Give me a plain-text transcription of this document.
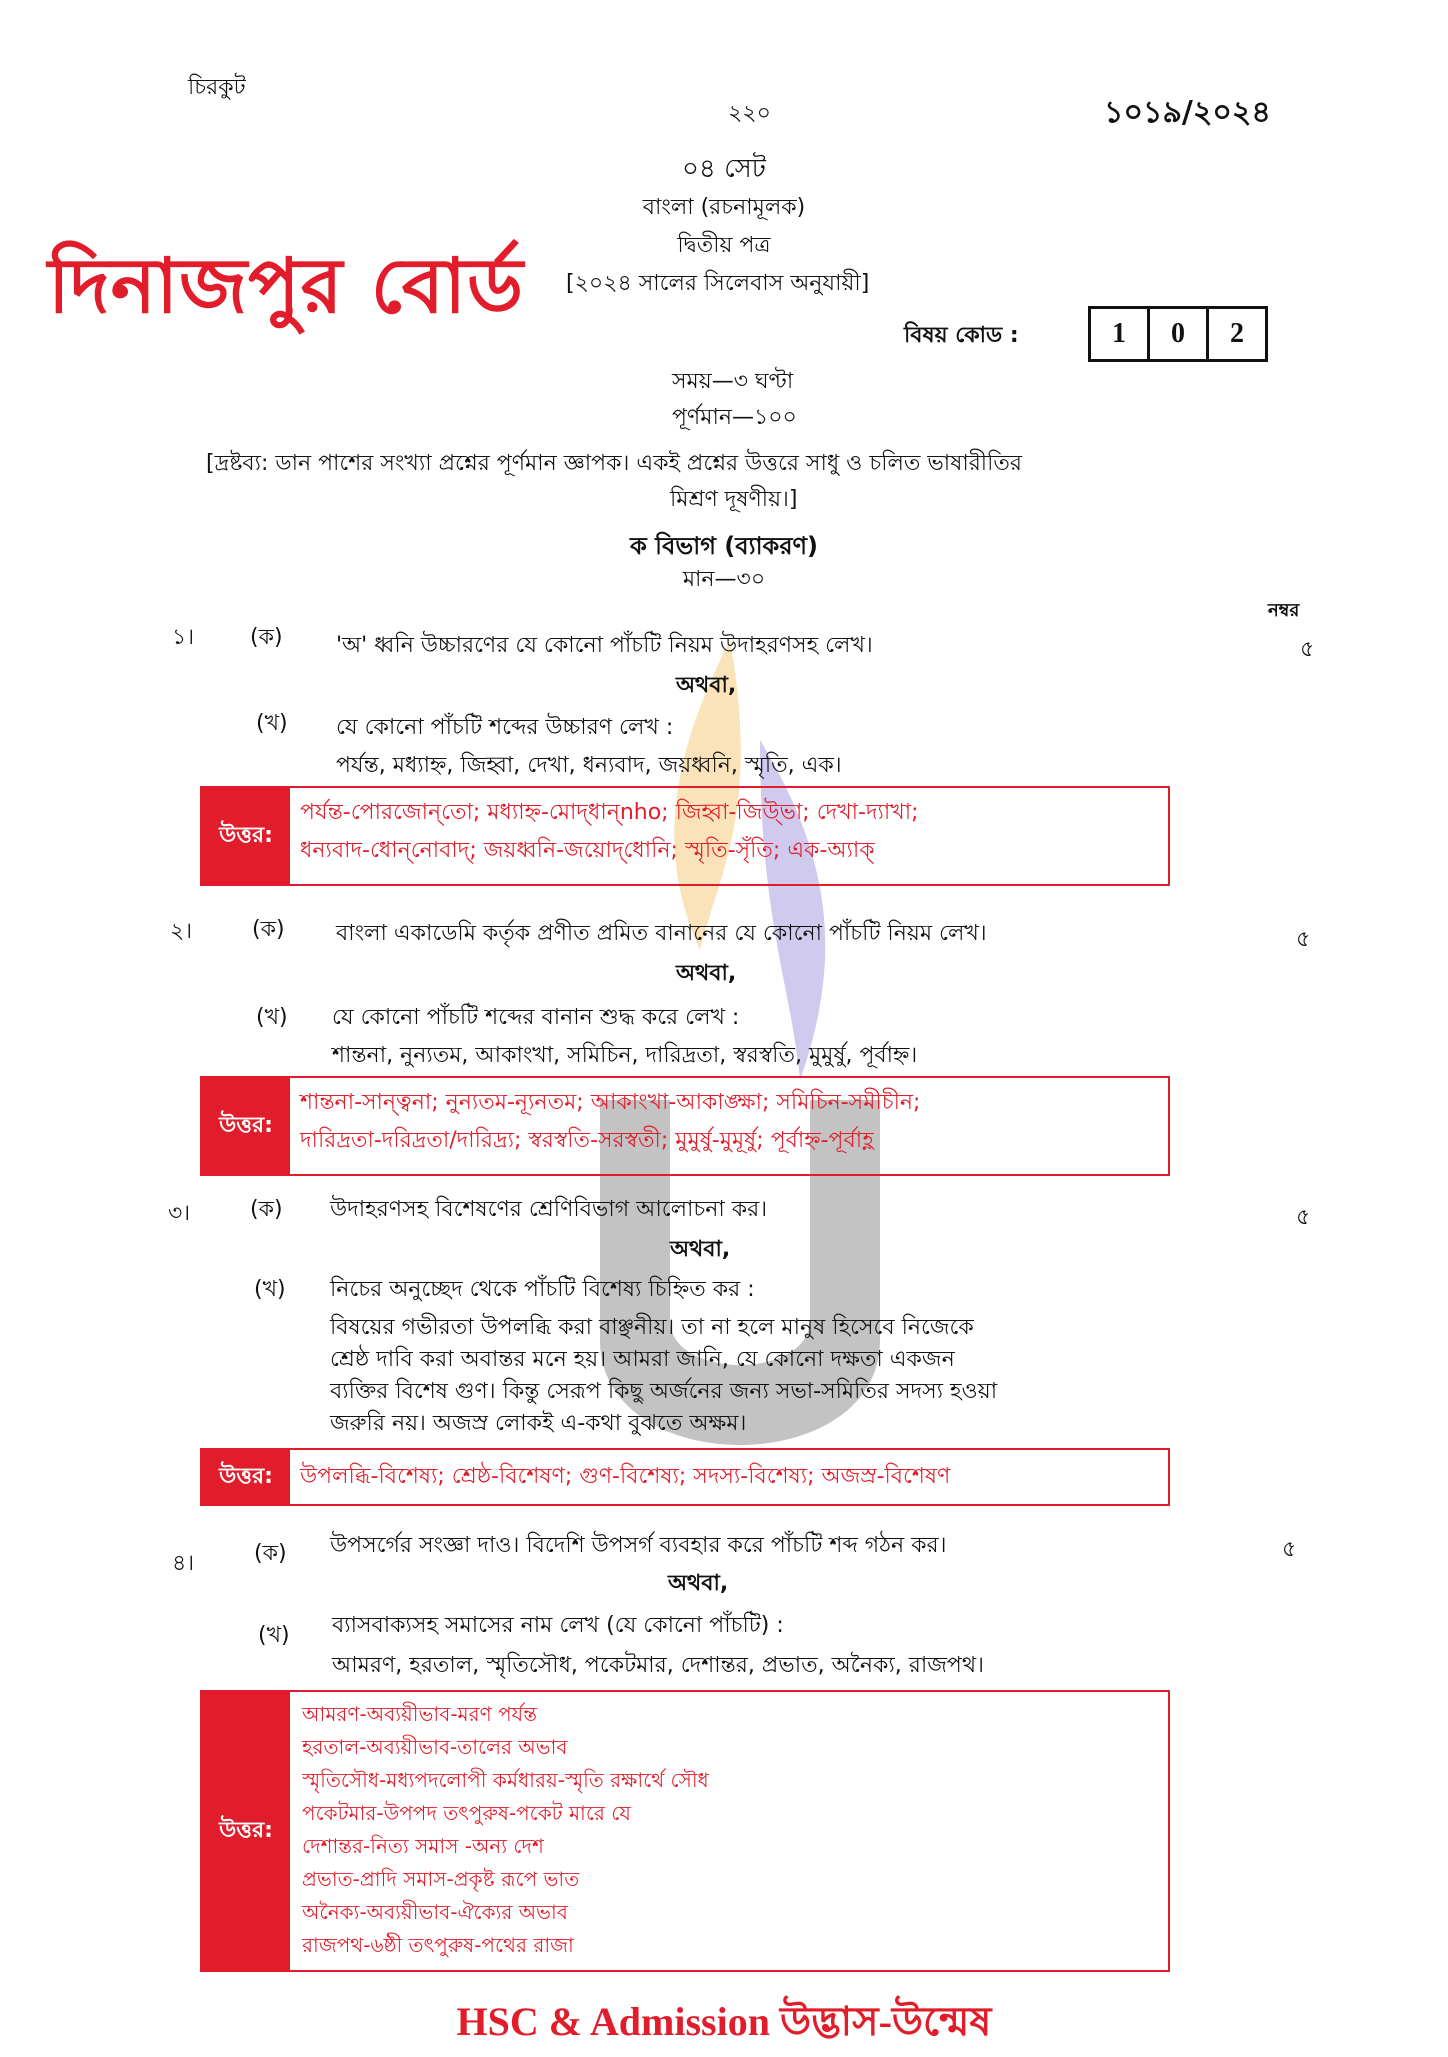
চিরকুট
২২০	১০১৯/২০২৪
০৪ সেট
বাংলা (রচনামূলক)
দ্বিতীয় পত্র
[২০২৪ সালের সিলেবাস অনুযায়ী]
দিনাজপুর বোর্ড
বিষয় কোড :	1	0	2
সময়—৩ ঘণ্টা
পূর্ণমান—১০০
[দ্রষ্টব্য: ডান পাশের সংখ্যা প্রশ্নের পূর্ণমান জ্ঞাপক। একই প্রশ্নের উত্তরে সাধু ও চলিত ভাষারীতির
মিশ্রণ দূষণীয়।]
ক বিভাগ (ব্যাকরণ)
মান—৩০
নম্বর
১।	(ক) 'অ' ধ্বনি উচ্চারণের যে কোনো পাঁচটি নিয়ম উদাহরণসহ লেখ।	৫
অথবা,
(খ) যে কোনো পাঁচটি শব্দের উচ্চারণ লেখ :
পর্যন্ত, মধ্যাহ্ন, জিহ্বা, দেখা, ধন্যবাদ, জয়ধ্বনি, স্মৃতি, এক।
উত্তর:
পর্যন্ত-পোরজোন্‌তো; মধ্যাহ্ন-মোদ্‌ধান্‌nho; জিহ্বা-জিউ্‌ভা; দেখা-দ্যাখা;
ধন্যবাদ-ধোন্‌নোবাদ্; জয়ধ্বনি-জয়োদ্‌ধোনি; স্মৃতি-সৃঁতি; এক-অ্যাক্
২।	(ক) বাংলা একাডেমি কর্তৃক প্রণীত প্রমিত বানানের যে কোনো পাঁচটি নিয়ম লেখ।	৫
অথবা,
(খ) যে কোনো পাঁচটি শব্দের বানান শুদ্ধ করে লেখ :
শান্তনা, নুন্যতম, আকাংখা, সমিচিন, দারিদ্রতা, স্বরস্বতি, মুমুর্ষু, পূর্বাহ্ন।
উত্তর:
শান্তনা-সান্ত্বনা; নুন্যতম-ন্যূনতম; আকাংখা-আকাঙ্ক্ষা; সমিচিন-সমীচীন;
দারিদ্রতা-দরিদ্রতা/দারিদ্র্য; স্বরস্বতি-সরস্বতী; মুমুর্ষু-মুমূর্ষু; পূর্বাহ্ন-পূর্বাহ্ণ
৩।	(ক) উদাহরণসহ বিশেষণের শ্রেণিবিভাগ আলোচনা কর।	৫
অথবা,
(খ) নিচের অনুচ্ছেদ থেকে পাঁচটি বিশেষ্য চিহ্নিত কর :
বিষয়ের গভীরতা উপলব্ধি করা বাঞ্ছনীয়। তা না হলে মানুষ হিসেবে নিজেকে
শ্রেষ্ঠ দাবি করা অবান্তর মনে হয়। আমরা জানি, যে কোনো দক্ষতা একজন
ব্যক্তির বিশেষ গুণ। কিন্তু সেরূপ কিছু অর্জনের জন্য সভা-সমিতির সদস্য হওয়া
জরুরি নয়। অজস্র লোকই এ-কথা বুঝতে অক্ষম।
উত্তর:	উপলব্ধি-বিশেষ্য; শ্রেষ্ঠ-বিশেষণ; গুণ-বিশেষ্য; সদস্য-বিশেষ্য; অজস্র-বিশেষণ
৪।	(ক) উপসর্গের সংজ্ঞা দাও। বিদেশি উপসর্গ ব্যবহার করে পাঁচটি শব্দ গঠন কর।	৫
অথবা,
(খ) ব্যাসবাক্যসহ সমাসের নাম লেখ (যে কোনো পাঁচটি) :
আমরণ, হরতাল, স্মৃতিসৌধ, পকেটমার, দেশান্তর, প্রভাত, অনৈক্য, রাজপথ।
উত্তর:
আমরণ-অব্যয়ীভাব-মরণ পর্যন্ত
হরতাল-অব্যয়ীভাব-তালের অভাব
স্মৃতিসৌধ-মধ্যপদলোপী কর্মধারয়-স্মৃতি রক্ষার্থে সৌধ
পকেটমার-উপপদ তৎপুরুষ-পকেট মারে যে
দেশান্তর-নিত্য সমাস -অন্য দেশ
প্রভাত-প্রাদি সমাস-প্রকৃষ্ট রূপে ভাত
অনৈক্য-অব্যয়ীভাব-ঐক্যের অভাব
রাজপথ-৬ষ্ঠী তৎপুরুষ-পথের রাজা
HSC & Admission উদ্ভাস-উন্মেষ
